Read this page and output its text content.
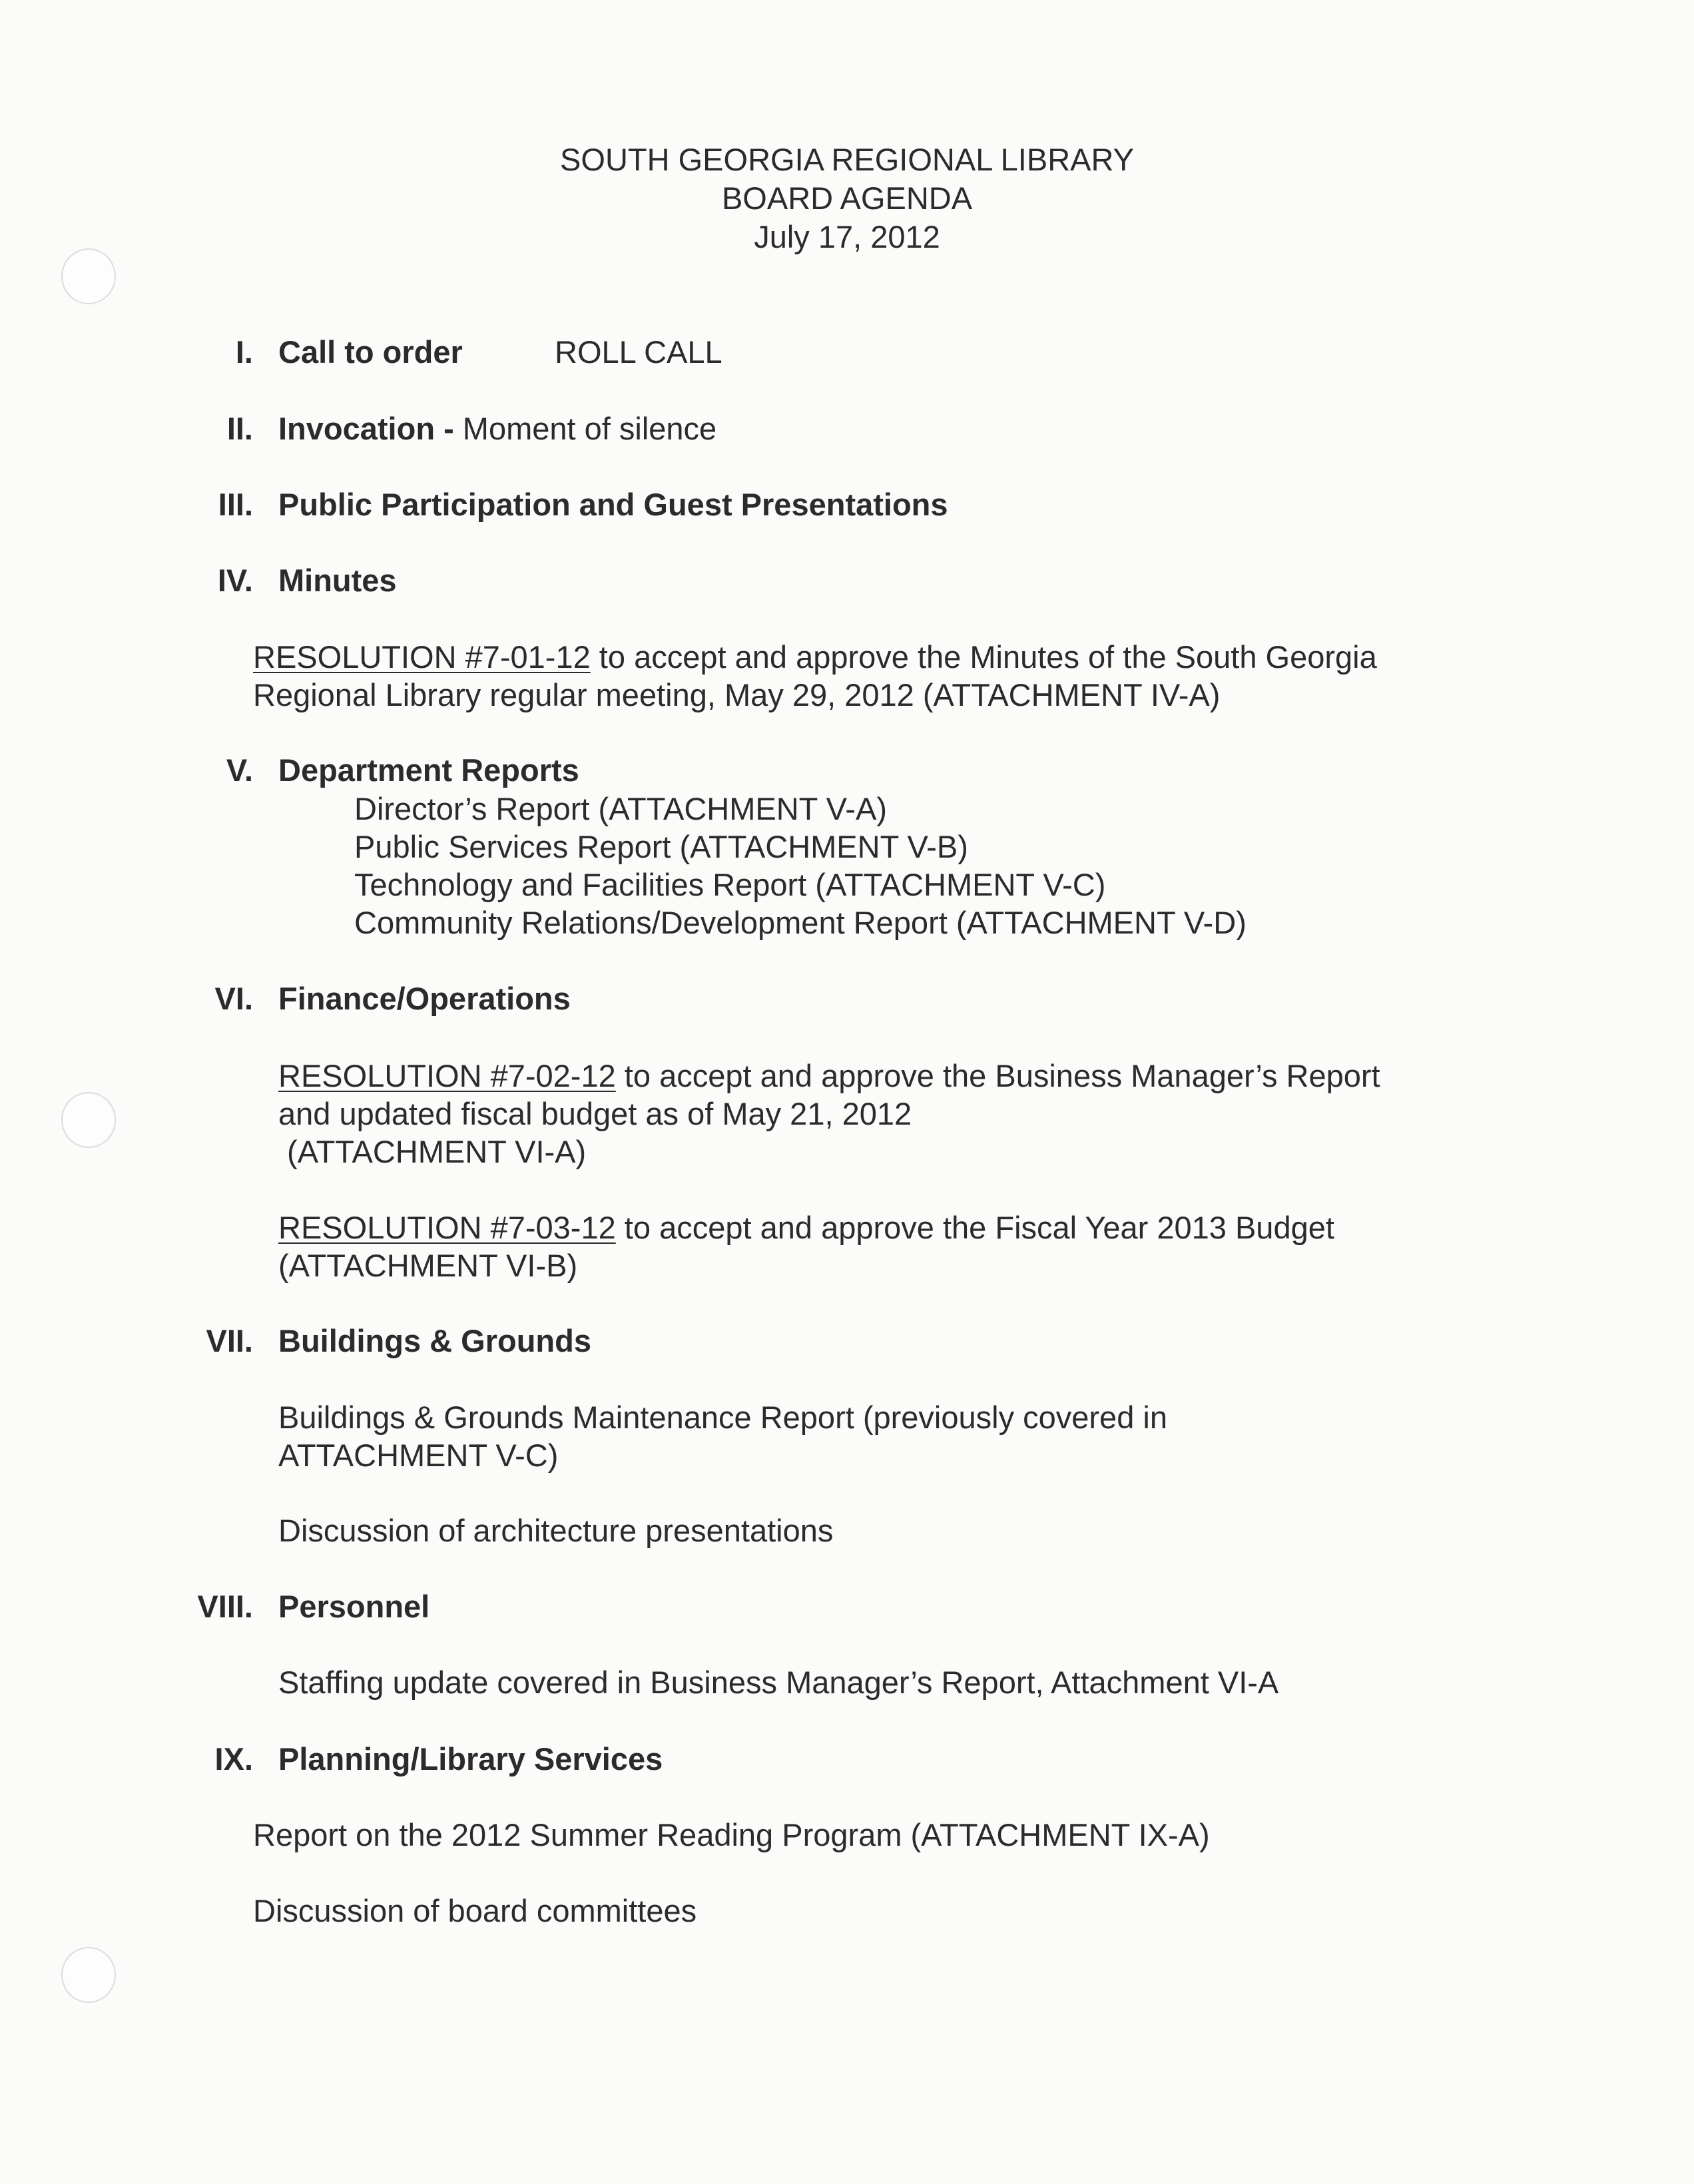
SOUTH GEORGIA REGIONAL LIBRARY
BOARD AGENDA
July 17, 2012
I. Call to order	ROLL CALL
II. Invocation - Moment of silence
III. Public Participation and Guest Presentations
IV. Minutes
RESOLUTION #7-01-12 to accept and approve the Minutes of the South Georgia
Regional Library regular meeting, May 29, 2012 (ATTACHMENT IV-A)
V. Department Reports
Director’s Report (ATTACHMENT V-A)
Public Services Report (ATTACHMENT V-B)
Technology and Facilities Report (ATTACHMENT V-C)
Community Relations/Development Report (ATTACHMENT V-D)
VI. Finance/Operations
RESOLUTION #7-02-12 to accept and approve the Business Manager’s Report
and updated fiscal budget as of May 21, 2012
(ATTACHMENT VI-A)
RESOLUTION #7-03-12 to accept and approve the Fiscal Year 2013 Budget
(ATTACHMENT VI-B)
VII. Buildings & Grounds
Buildings & Grounds Maintenance Report (previously covered in
ATTACHMENT V-C)
Discussion of architecture presentations
VIII. Personnel
Staffing update covered in Business Manager’s Report, Attachment VI-A
IX. Planning/Library Services
Report on the 2012 Summer Reading Program (ATTACHMENT IX-A)
Discussion of board committees
